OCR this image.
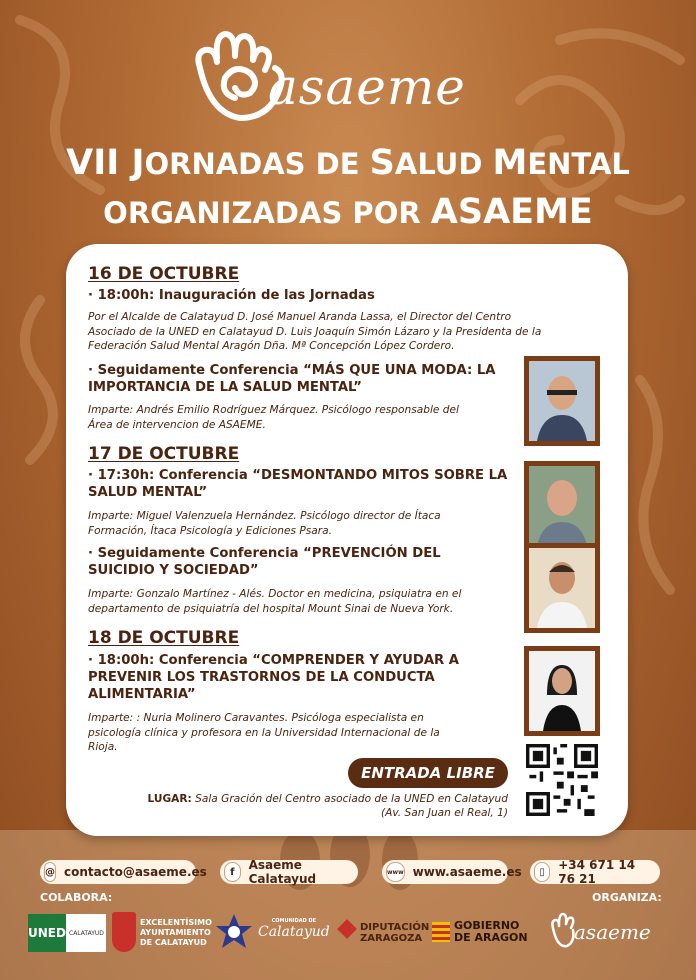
asaeme
VII JORNADAS DE SALUD MENTAL
ORGANIZADAS POR ASAEME
16 DE OCTUBRE
· 18:00h: Inauguración de las Jornadas
Por el Alcalde de Calatayud D. José Manuel Aranda Lassa, el Director del Centro
Asociado de la UNED en Calatayud D. Luis Joaquín Simón Lázaro y la Presidenta de la
Federación Salud Mental Aragón Dña. Mª Concepción López Cordero.
· Seguidamente Conferencia “MÁS QUE UNA MODA: LA
IMPORTANCIA DE LA SALUD MENTAL”
Imparte: Andrés Emilio Rodríguez Márquez. Psicólogo responsable del
Área de intervencion de ASAEME.
17 DE OCTUBRE
· 17:30h: Conferencia “DESMONTANDO MITOS SOBRE LA
SALUD MENTAL”
Imparte: Miguel Valenzuela Hernández. Psicólogo director de Ítaca
Formación, Ítaca Psicología y Ediciones Psara.
· Seguidamente Conferencia “PREVENCIÓN DEL
SUICIDIO Y SOCIEDAD”
Imparte: Gonzalo Martínez - Alés. Doctor en medicina, psiquiatra en el
departamento de psiquiatría del hospital Mount Sinai de Nueva York.
18 DE OCTUBRE
· 18:00h: Conferencia “COMPRENDER Y AYUDAR A
PREVENIR LOS TRASTORNOS DE LA CONDUCTA
ALIMENTARIA”
Imparte: : Nuria Molinero Caravantes. Psicóloga especialista en
psicología clínica y profesora en la Universidad Internacional de la
Rioja.
ENTRADA LIBRE
LUGAR: Sala Gración del Centro asociado de la UNED en Calatayud
(Av. San Juan el Real, 1)
@ contacto@asaeme.es	f	Asaeme Calatayud	www www.asaeme.es	▯	+34 671 14 76 21
COLABORA:	ORGANIZA:
UNED CALATAYUD
EXCELENTÍSIMO
AYUNTAMIENTO
DE CALATAYUD
COMUNIDAD DE
Calatayud	DIPUTACIÓN
ZARAGOZA
GOBIERNO
DE ARAGON asaeme
